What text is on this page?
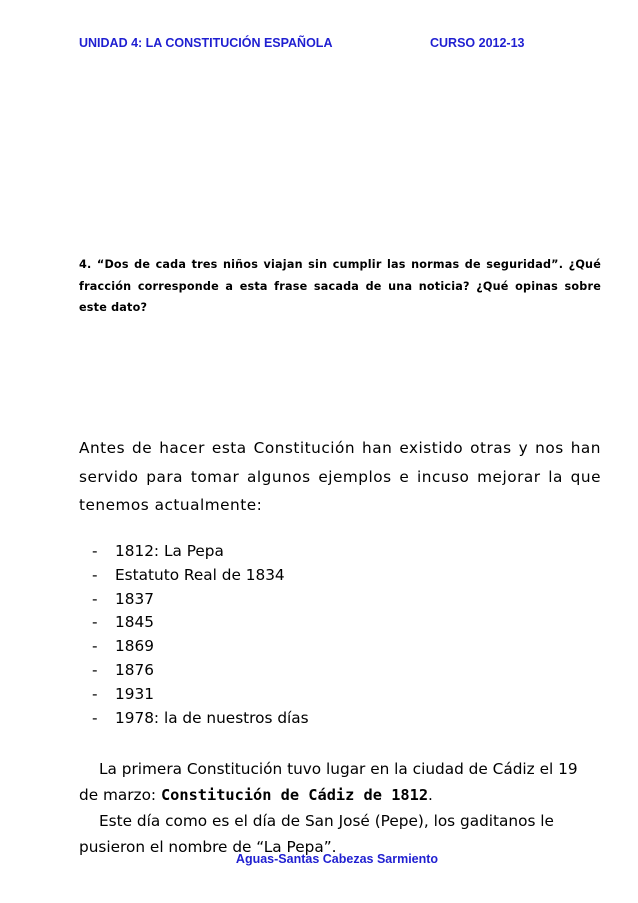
UNIDAD 4: LA CONSTITUCIÓN ESPAÑOLA	CURSO 2012-13
4. “Dos de cada tres niños viajan sin cumplir las normas de seguridad”. ¿Qué fracción corresponde a esta frase sacada de una noticia? ¿Qué opinas sobre este dato?
Antes de hacer esta Constitución han existido otras y nos han servido para tomar algunos ejemplos e incuso mejorar la que tenemos actualmente:
- 1812: La Pepa
- Estatuto Real de 1834
- 1837
- 1845
- 1869
- 1876
- 1931
- 1978: la de nuestros días

La primera Constitución tuvo lugar en la ciudad de Cádiz el 19

de marzo: Constitución de Cádiz de 1812.

Este día como es el día de San José (Pepe), los gaditanos le

pusieron el nombre de “La Pepa”.

Aguas-Santas Cabezas Sarmiento
